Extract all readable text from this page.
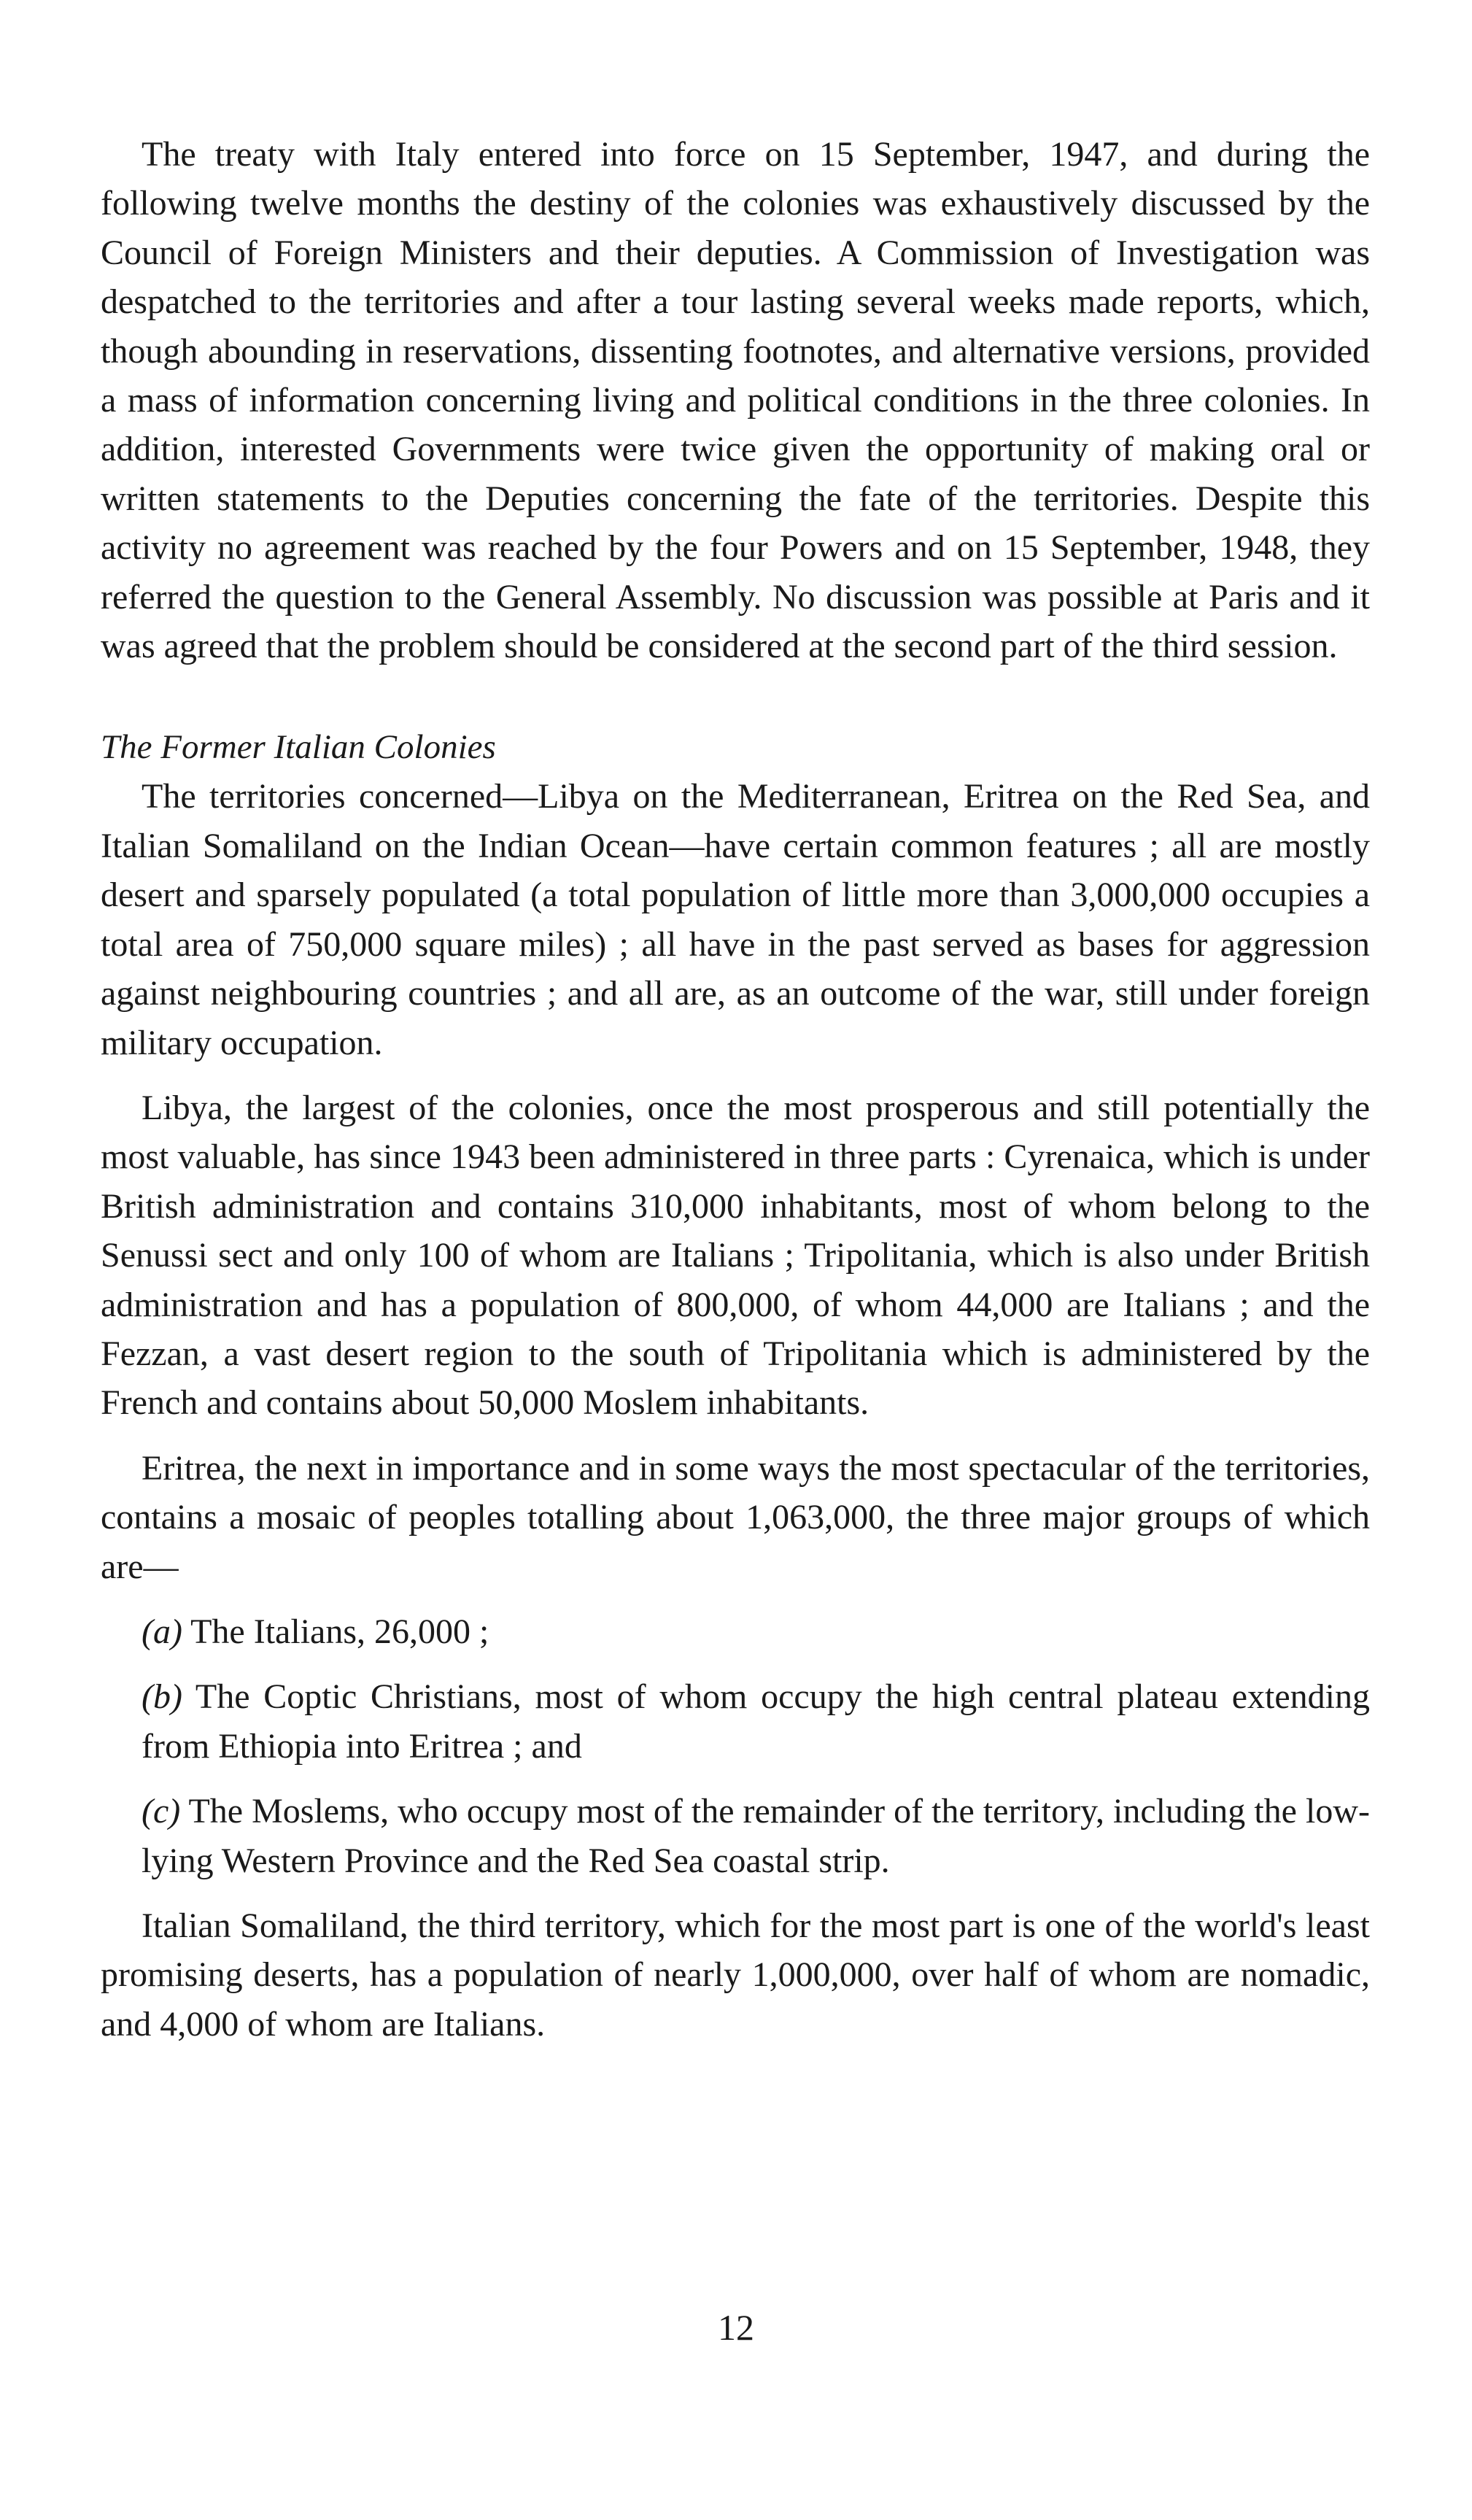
The treaty with Italy entered into force on 15 September, 1947, and during the following twelve months the destiny of the colonies was exhaustively discussed by the Council of Foreign Ministers and their deputies. A Commission of Investigation was despatched to the territories and after a tour lasting several weeks made reports, which, though abounding in reservations, dissenting footnotes, and alternative versions, provided a mass of information concerning living and political conditions in the three colonies. In addition, interested Governments were twice given the opportunity of making oral or written statements to the Deputies concerning the fate of the territories. Despite this activity no agreement was reached by the four Powers and on 15 September, 1948, they referred the question to the General Assembly. No discussion was possible at Paris and it was agreed that the problem should be considered at the second part of the third session.

The Former Italian Colonies

The territories concerned—Libya on the Mediterranean, Eritrea on the Red Sea, and Italian Somaliland on the Indian Ocean—have certain common features ; all are mostly desert and sparsely populated (a total population of little more than 3,000,000 occupies a total area of 750,000 square miles) ; all have in the past served as bases for aggression against neighbouring countries ; and all are, as an outcome of the war, still under foreign military occupation.

Libya, the largest of the colonies, once the most prosperous and still potentially the most valuable, has since 1943 been administered in three parts : Cyrenaica, which is under British administration and contains 310,000 inhabitants, most of whom belong to the Senussi sect and only 100 of whom are Italians ; Tripolitania, which is also under British administration and has a population of 800,000, of whom 44,000 are Italians ; and the Fezzan, a vast desert region to the south of Tripolitania which is administered by the French and contains about 50,000 Moslem inhabitants.

Eritrea, the next in importance and in some ways the most spectacular of the territories, contains a mosaic of peoples totalling about 1,063,000, the three major groups of which are—

(a) The Italians, 26,000 ;

(b) The Coptic Christians, most of whom occupy the high central plateau extending from Ethiopia into Eritrea ; and

(c) The Moslems, who occupy most of the remainder of the territory, including the low-lying Western Province and the Red Sea coastal strip.

Italian Somaliland, the third territory, which for the most part is one of the world's least promising deserts, has a population of nearly 1,000,000, over half of whom are nomadic, and 4,000 of whom are Italians.

12
